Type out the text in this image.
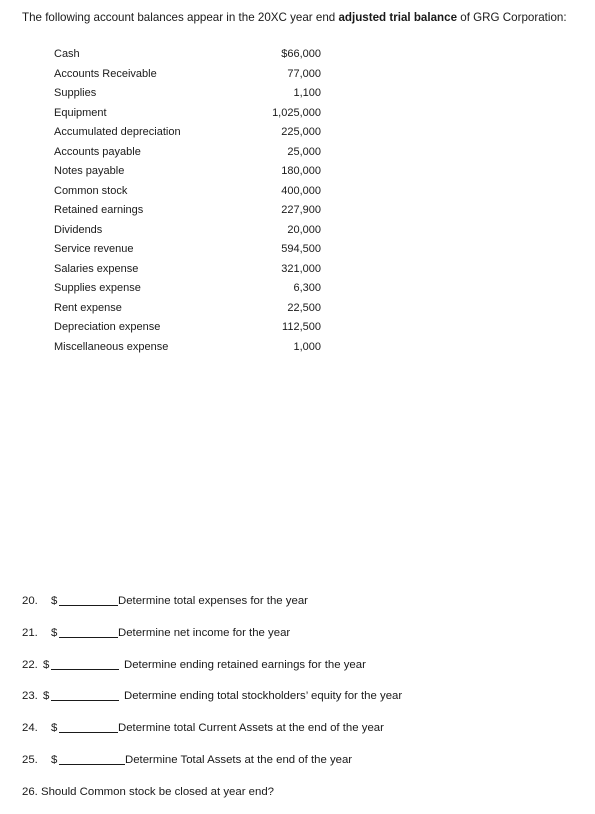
The following account balances appear in the 20XC year end adjusted trial balance of GRG Corporation:
Cash	$66,000
Accounts Receivable	77,000
Supplies	1,100
Equipment	1,025,000
Accumulated depreciation	225,000
Accounts payable	25,000
Notes payable	180,000
Common stock	400,000
Retained earnings	227,900
Dividends	20,000
Service revenue	594,500
Salaries expense	321,000
Supplies expense	6,300
Rent expense	22,500
Depreciation expense	112,500
Miscellaneous expense	1,000
20. $	Determine total expenses for the year
21. $	Determine net income for the year
22. $	Determine ending retained earnings for the year
23. $	Determine ending total stockholders’ equity for the year
24. $	Determine total Current Assets at the end of the year
25. $	Determine Total Assets at the end of the year
26. Should Common stock be closed at year end?
